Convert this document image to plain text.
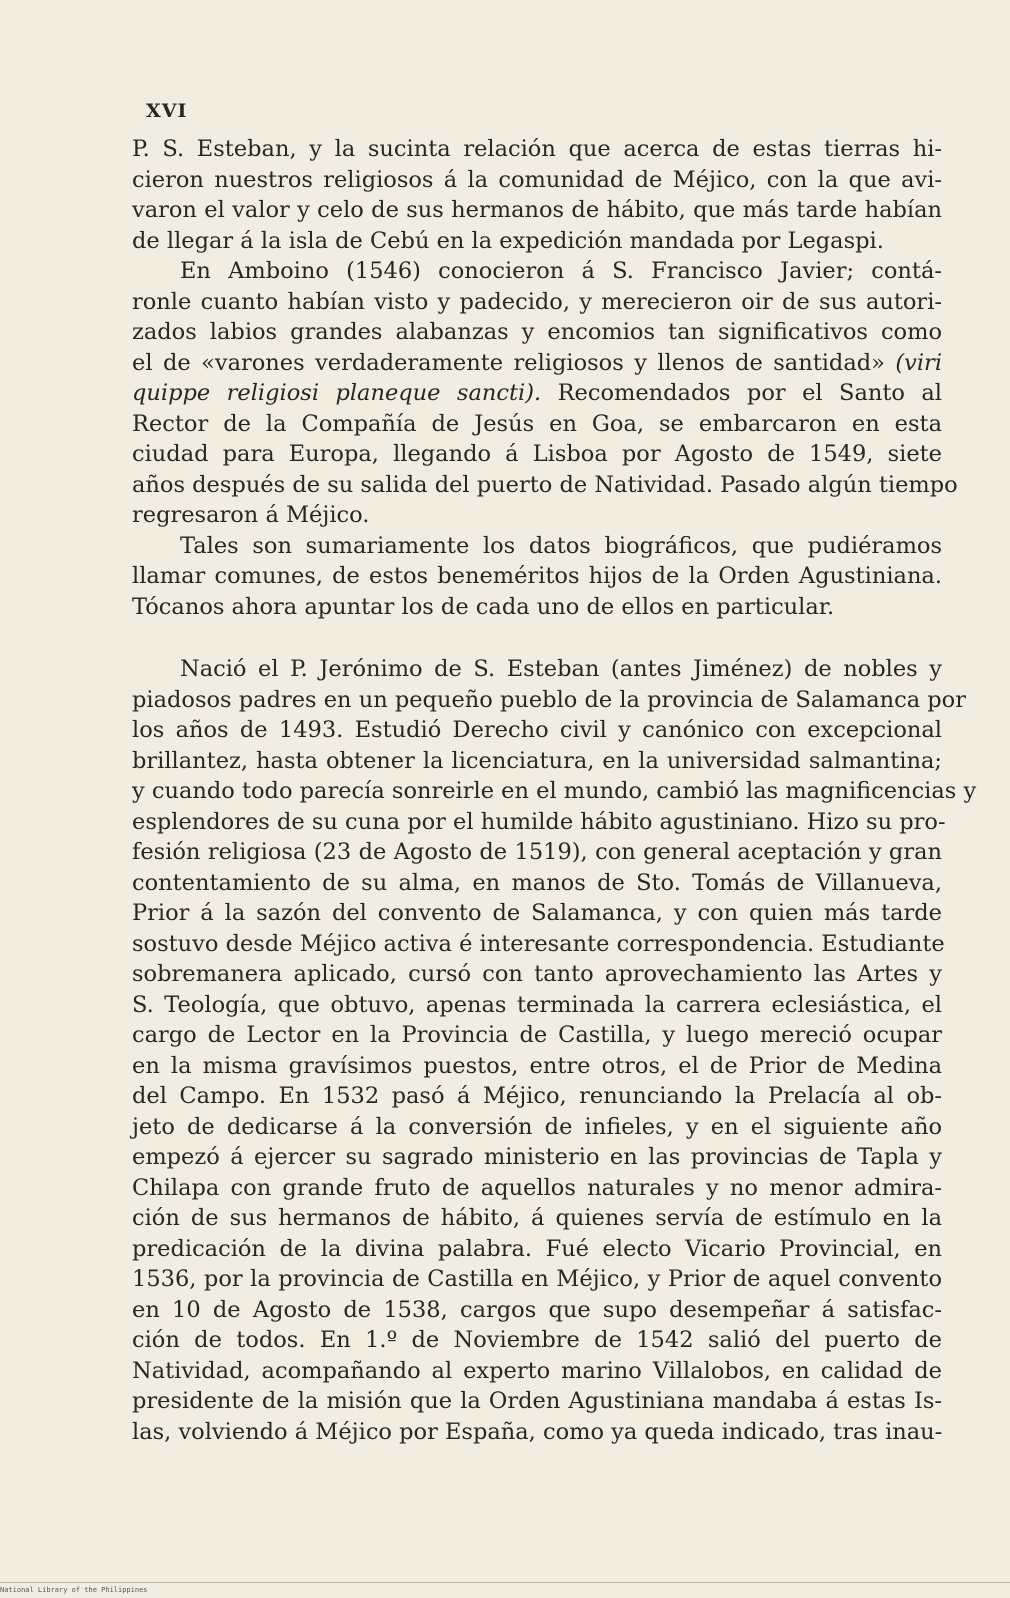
XVI

P. S. Esteban, y la sucinta relación que acerca de estas tierras hi-

cieron nuestros religiosos á la comunidad de Méjico, con la que avi-

varon el valor y celo de sus hermanos de hábito, que más tarde habían

de llegar á la isla de Cebú en la expedición mandada por Legaspi.

En Amboino (1546) conocieron á S. Francisco Javier; contá-

ronle cuanto habían visto y padecido, y merecieron oir de sus autori-

zados labios grandes alabanzas y encomios tan significativos como

el de «varones verdaderamente religiosos y llenos de santidad» (viri

quippe religiosi planeque sancti). Recomendados por el Santo al

Rector de la Compañía de Jesús en Goa, se embarcaron en esta

ciudad para Europa, llegando á Lisboa por Agosto de 1549, siete

años después de su salida del puerto de Natividad. Pasado algún tiempo

regresaron á Méjico.

Tales son sumariamente los datos biográficos, que pudiéramos

llamar comunes, de estos beneméritos hijos de la Orden Agustiniana.

Tócanos ahora apuntar los de cada uno de ellos en particular.

Nació el P. Jerónimo de S. Esteban (antes Jiménez) de nobles y

piadosos padres en un pequeño pueblo de la provincia de Salamanca por

los años de 1493. Estudió Derecho civil y canónico con excepcional

brillantez, hasta obtener la licenciatura, en la universidad salmantina;

y cuando todo parecía sonreirle en el mundo, cambió las magnificencias y

esplendores de su cuna por el humilde hábito agustiniano. Hizo su pro-

fesión religiosa (23 de Agosto de 1519), con general aceptación y gran

contentamiento de su alma, en manos de Sto. Tomás de Villanueva,

Prior á la sazón del convento de Salamanca, y con quien más tarde

sostuvo desde Méjico activa é interesante correspondencia. Estudiante

sobremanera aplicado, cursó con tanto aprovechamiento las Artes y

S. Teología, que obtuvo, apenas terminada la carrera eclesiástica, el

cargo de Lector en la Provincia de Castilla, y luego mereció ocupar

en la misma gravísimos puestos, entre otros, el de Prior de Medina

del Campo. En 1532 pasó á Méjico, renunciando la Prelacía al ob-

jeto de dedicarse á la conversión de infieles, y en el siguiente año

empezó á ejercer su sagrado ministerio en las provincias de Tapla y

Chilapa con grande fruto de aquellos naturales y no menor admira-

ción de sus hermanos de hábito, á quienes servía de estímulo en la

predicación de la divina palabra. Fué electo Vicario Provincial, en

1536, por la provincia de Castilla en Méjico, y Prior de aquel convento

en 10 de Agosto de 1538, cargos que supo desempeñar á satisfac-

ción de todos. En 1.º de Noviembre de 1542 salió del puerto de

Natividad, acompañando al experto marino Villalobos, en calidad de

presidente de la misión que la Orden Agustiniana mandaba á estas Is-

las, volviendo á Méjico por España, como ya queda indicado, tras inau-

National Library of the Philippines
